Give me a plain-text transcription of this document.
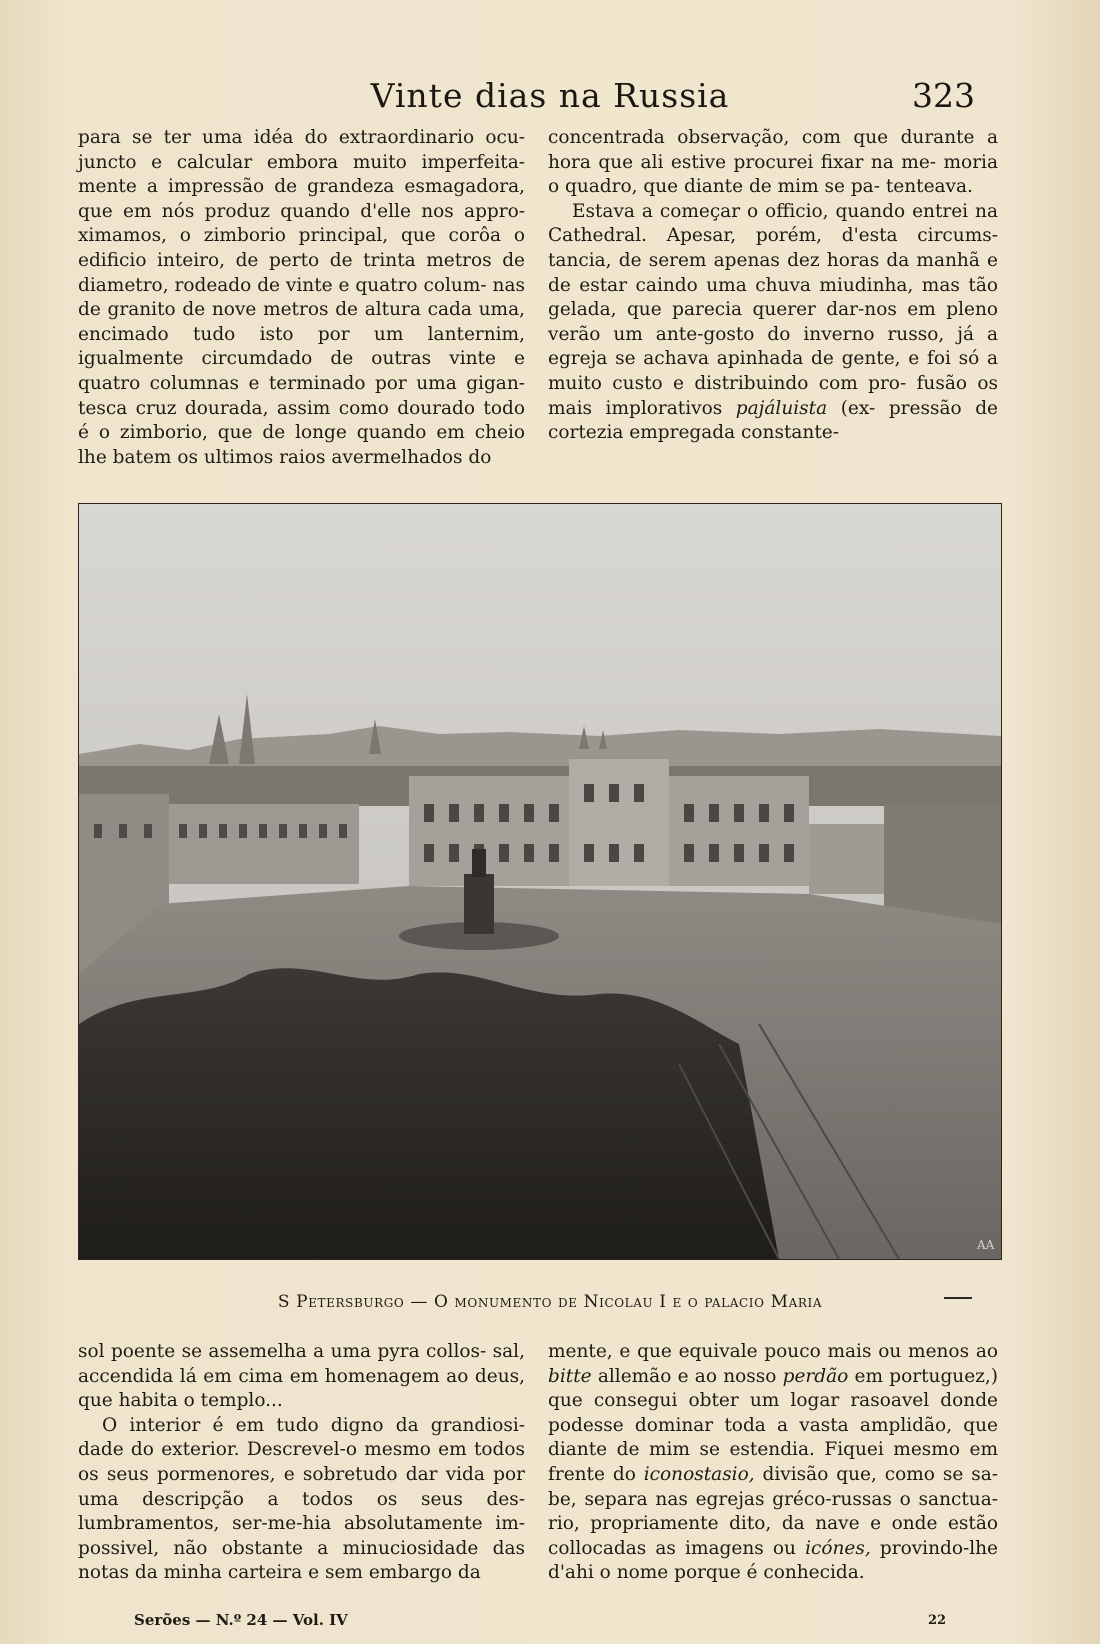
Vinte dias na Russia	323

para se ter uma idéa do extraordinario ocu- juncto e calcular embora muito imperfeita- mente a impressão de grandeza esmagadora, que em nós produz quando d'elle nos appro- ximamos, o zimborio principal, que corôa o edificio inteiro, de perto de trinta metros de diametro, rodeado de vinte e quatro colum- nas de granito de nove metros de altura cada uma, encimado tudo isto por um lanternim, igualmente circumdado de outras vinte e quatro columnas e terminado por uma gigan- tesca cruz dourada, assim como dourado todo é o zimborio, que de longe quando em cheio lhe batem os ultimos raios avermelhados do

concentrada observação, com que durante a hora que ali estive procurei fixar na me- moria o quadro, que diante de mim se pa- tenteava.

Estava a começar o officio, quando entrei na Cathedral. Apesar, porém, d'esta circums- tancia, de serem apenas dez horas da manhã e de estar caindo uma chuva miudinha, mas tão gelada, que parecia querer dar-nos em pleno verão um ante-gosto do inverno russo, já a egreja se achava apinhada de gente, e foi só a muito custo e distribuindo com pro- fusão os mais implorativos pajáluista (ex- pressão de cortezia empregada constante-

AA
S Petersburgo — O monumento de Nicolau I e o palacio Maria

sol poente se assemelha a uma pyra collos- sal, accendida lá em cima em homenagem ao deus, que habita o templo...

O interior é em tudo digno da grandiosi- dade do exterior. Descrevel-o mesmo em todos os seus pormenores, e sobretudo dar vida por uma descripção a todos os seus des- lumbramentos, ser-me-hia absolutamente im- possivel, não obstante a minuciosidade das notas da minha carteira e sem embargo da

mente, e que equivale pouco mais ou menos ao bitte allemão e ao nosso perdão em portuguez,) que consegui obter um logar rasoavel donde podesse dominar toda a vasta amplidão, que diante de mim se estendia. Fiquei mesmo em frente do iconostasio, divisão que, como se sa- be, separa nas egrejas gréco-russas o sanctua- rio, propriamente dito, da nave e onde estão collocadas as imagens ou icónes, provindo-lhe d'ahi o nome porque é conhecida.

Serões — N.º 24 — Vol. IV	22
